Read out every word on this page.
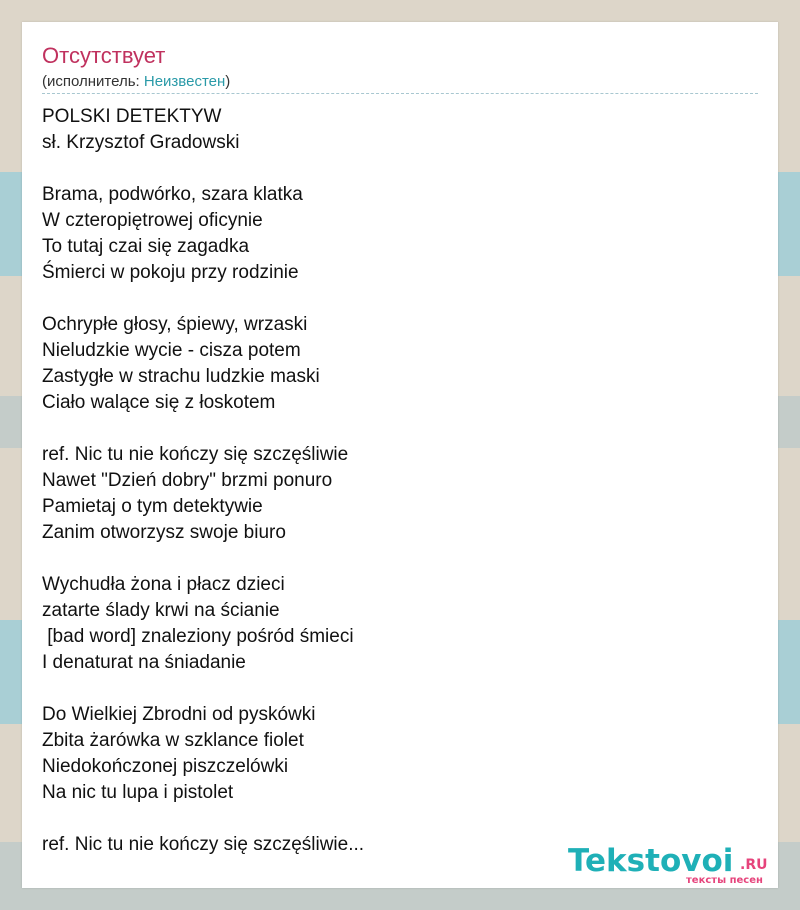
Отсутствует
(исполнитель: Неизвестен)
POLSKI DETEKTYW
sł. Krzysztof Gradowski
Brama, podwórko, szara klatka
W czteropiętrowej oficynie
To tutaj czai się zagadka
Śmierci w pokoju przy rodzinie
Ochrypłe głosy, śpiewy, wrzaski
Nieludzkie wycie - cisza potem
Zastygłe w strachu ludzkie maski
Ciało walące się z łoskotem
ref. Nic tu nie kończy się szczęśliwie
Nawet "Dzień dobry" brzmi ponuro
Pamietaj o tym detektywie
Zanim otworzysz swoje biuro
Wychudła żona i płacz dzieci
zatarte ślady krwi na ścianie
[bad word] znaleziony pośród śmieci
I denaturat na śniadanie
Do Wielkiej Zbrodni od pyskówki
Zbita żarówka w szklance fiolet
Niedokończonej piszczelówki
Na nic tu lupa i pistolet
ref. Nic tu nie kończy się szczęśliwie...	Tekstovoi .RU
тексты песен
